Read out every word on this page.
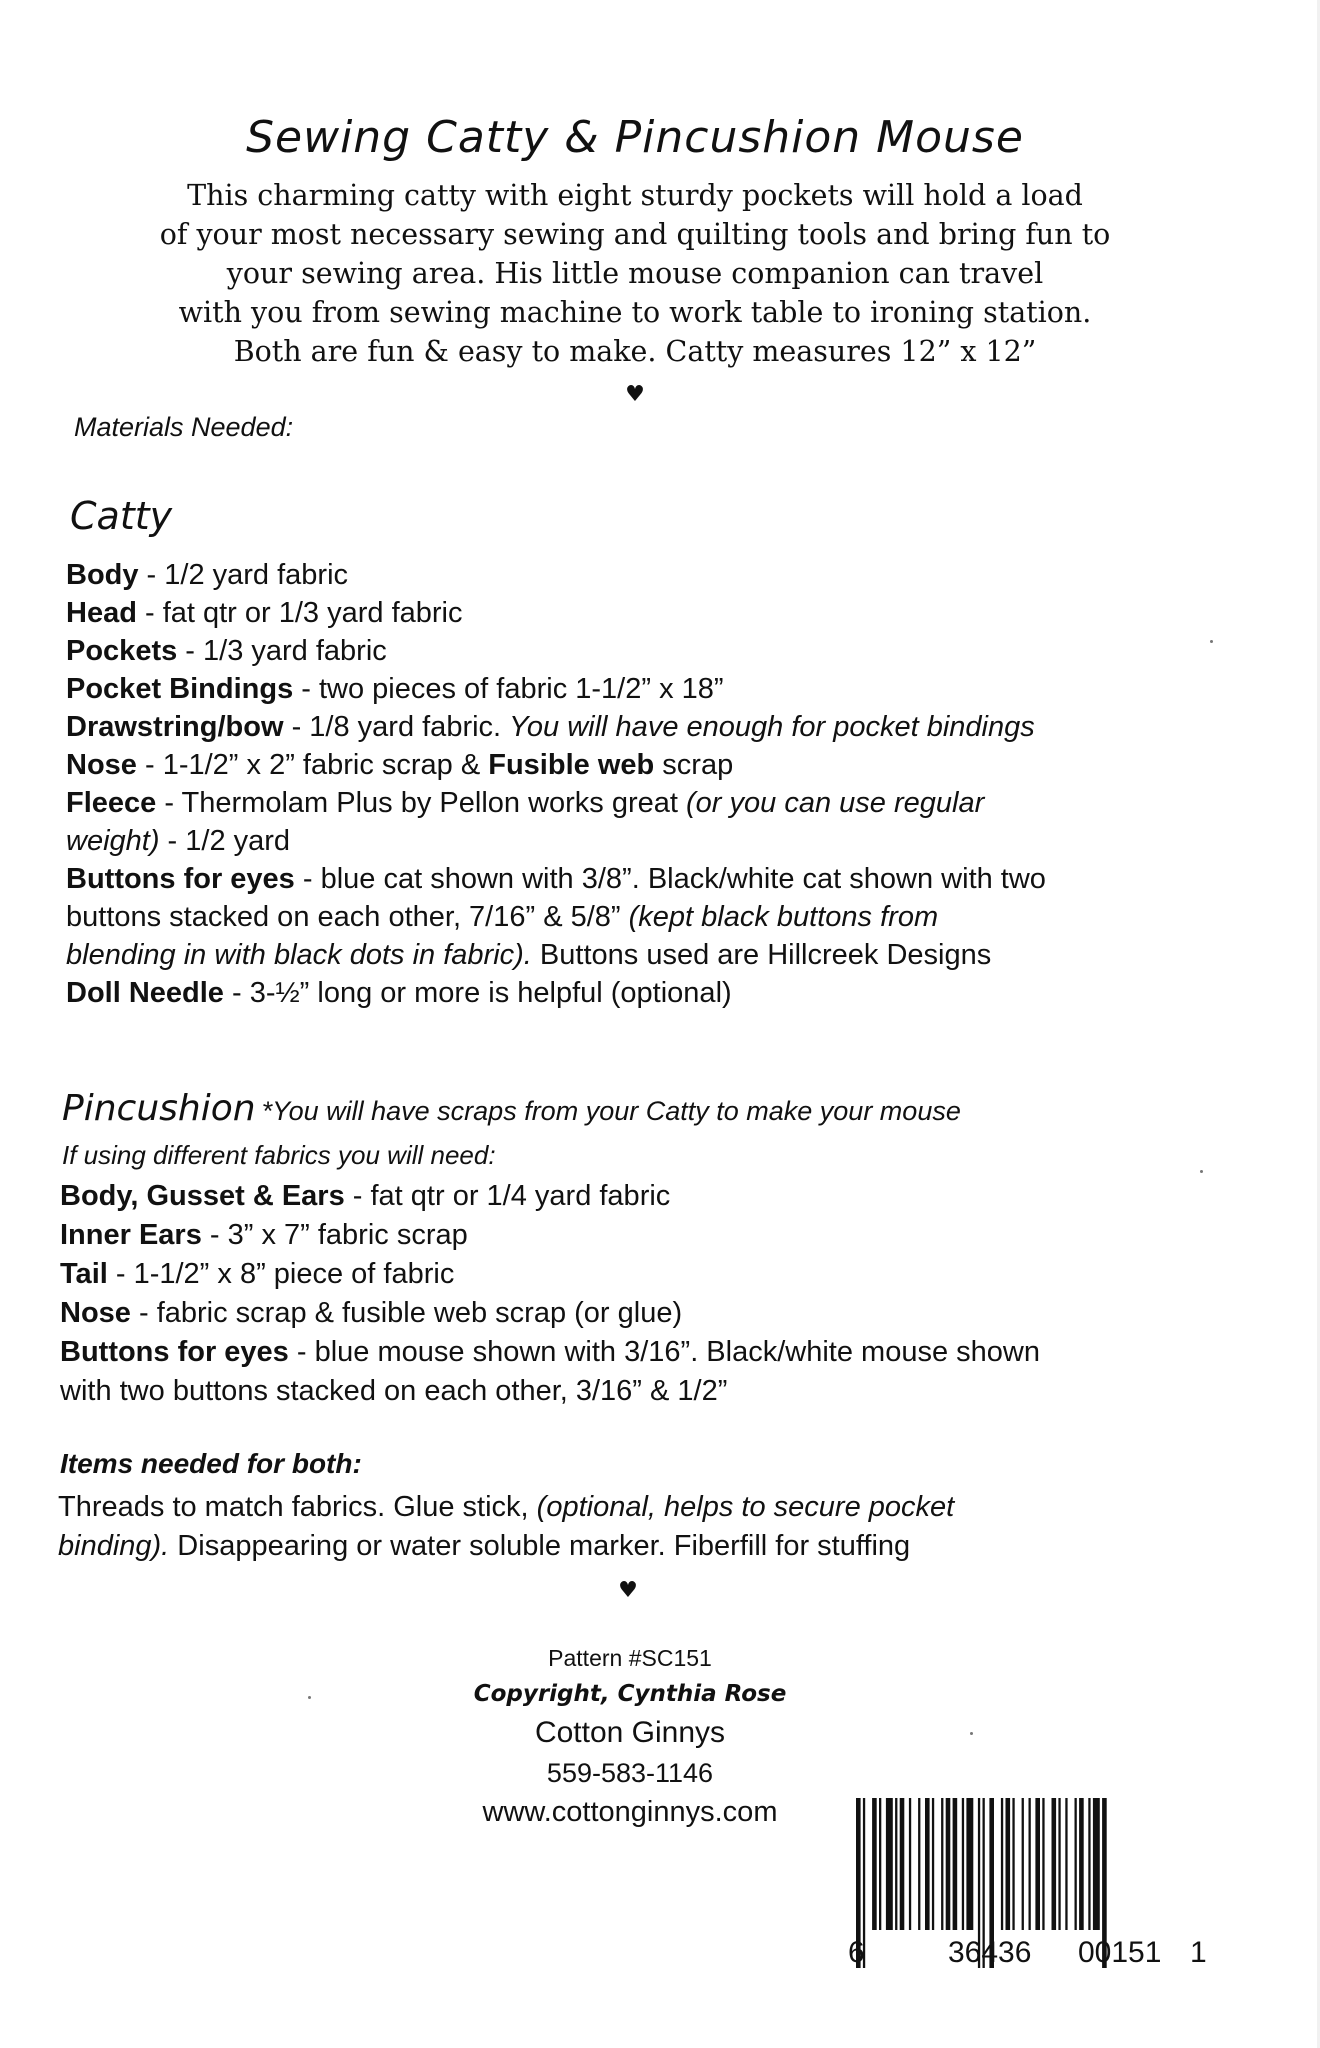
Sewing Catty & Pincushion Mouse
This charming catty with eight sturdy pockets will hold a load
of your most necessary sewing and quilting tools and bring fun to
your sewing area. His little mouse companion can travel
with you from sewing machine to work table to ironing station.
Both are fun & easy to make. Catty measures 12” x 12”
♥
Materials Needed:
Catty
Body - 1/2 yard fabric
Head - fat qtr or 1/3 yard fabric
Pockets - 1/3 yard fabric
Pocket Bindings - two pieces of fabric 1-1/2” x 18”
Drawstring/bow - 1/8 yard fabric. You will have enough for pocket bindings
Nose - 1-1/2” x 2” fabric scrap & Fusible web scrap
Fleece - Thermolam Plus by Pellon works great (or you can use regular
weight) - 1/2 yard
Buttons for eyes - blue cat shown with 3/8”. Black/white cat shown with two
buttons stacked on each other, 7/16” & 5/8” (kept black buttons from
blending in with black dots in fabric). Buttons used are Hillcreek Designs
Doll Needle - 3-½” long or more is helpful (optional)
Pincushion *You will have scraps from your Catty to make your mouse
If using different fabrics you will need:
Body, Gusset & Ears - fat qtr or 1/4 yard fabric
Inner Ears - 3” x 7” fabric scrap
Tail - 1-1/2” x 8” piece of fabric
Nose - fabric scrap & fusible web scrap (or glue)
Buttons for eyes - blue mouse shown with 3/16”. Black/white mouse shown
with two buttons stacked on each other, 3/16” & 1/2”
Items needed for both:
Threads to match fabrics. Glue stick, (optional, helps to secure pocket
binding). Disappearing or water soluble marker. Fiberfill for stuffing
♥
Pattern #SC151
Copyright, Cynthia Rose
Cotton Ginnys
559-583-1146
www.cottonginnys.com
6	36436 00151 1
